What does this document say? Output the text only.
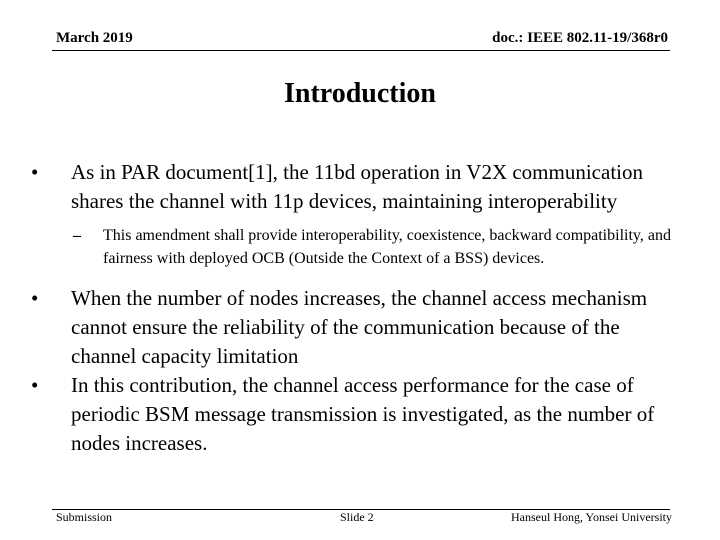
March 2019	doc.: IEEE 802.11-19/368r0
Introduction
• As in PAR document[1], the 11bd operation in V2X communication shares the channel with 11p devices, maintaining interoperability
– This amendment shall provide interoperability, coexistence, backward compatibility, and fairness with deployed OCB (Outside the Context of a BSS) devices.
• When the number of nodes increases, the channel access mechanism cannot ensure the reliability of the communication because of the channel capacity limitation
• In this contribution, the channel access performance for the case of periodic BSM message transmission is investigated, as the number of nodes increases.
Submission	Slide 2	Hanseul Hong, Yonsei University
